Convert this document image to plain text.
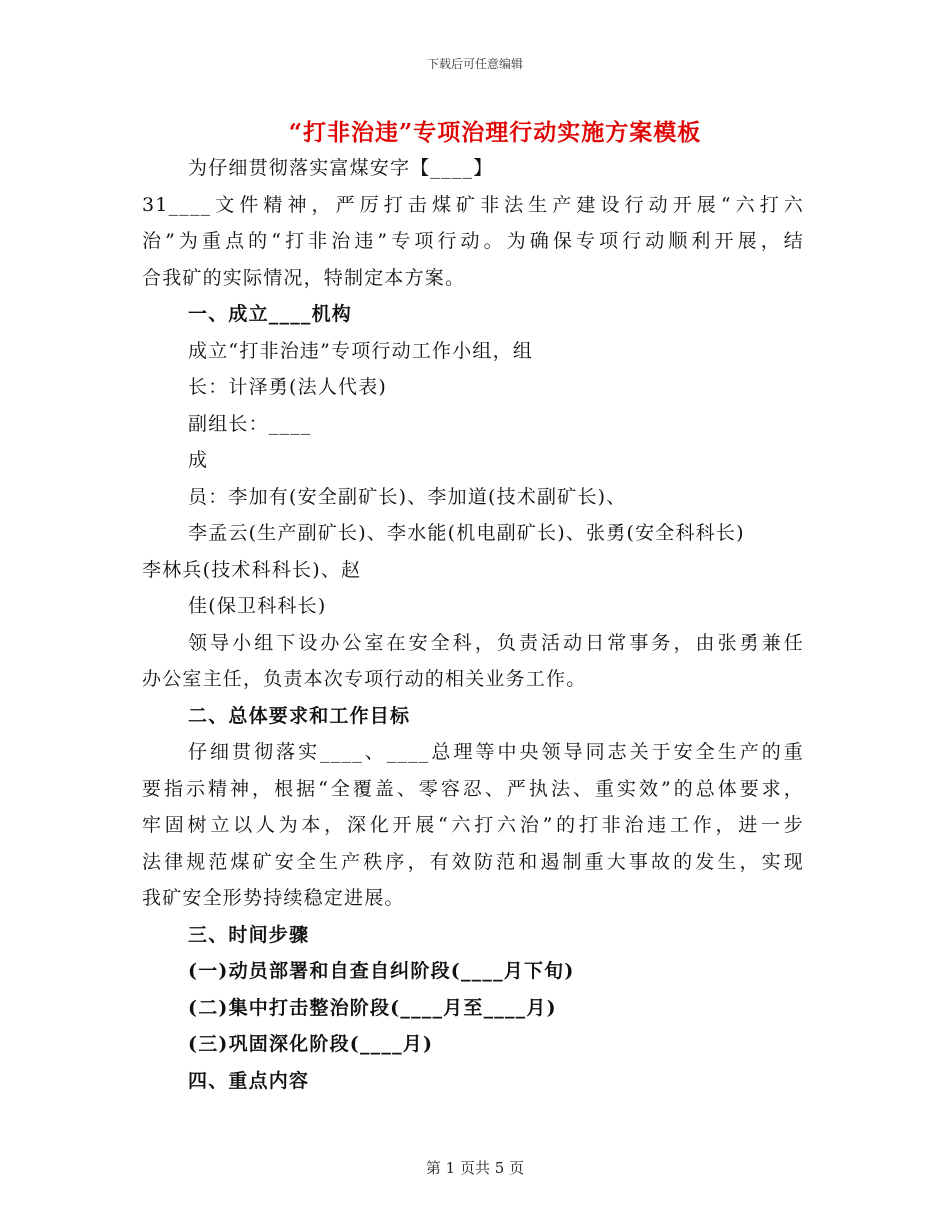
下载后可任意编辑
“打非治违”专项治理行动实施方案模板

为仔细贯彻落实富煤安字【____】

31____文件精神，严厉打击煤矿非法生产建设行动开展“六打六

治”为重点的“打非治违”专项行动。为确保专项行动顺利开展，结

合我矿的实际情况，特制定本方案。

一、成立____机构

成立“打非治违”专项行动工作小组，组

长：计泽勇(法人代表)

副组长：____

成

员：李加有(安全副矿长)、李加道(技术副矿长)、

李孟云(生产副矿长)、李水能(机电副矿长)、张勇(安全科科长)

李林兵(技术科科长)、赵

佳(保卫科科长)

领导小组下设办公室在安全科，负责活动日常事务，由张勇兼任

办公室主任，负责本次专项行动的相关业务工作。

二、总体要求和工作目标

仔细贯彻落实____、____总理等中央领导同志关于安全生产的重

要指示精神，根据“全覆盖、零容忍、严执法、重实效”的总体要求，

牢固树立以人为本，深化开展“六打六治”的打非治违工作，进一步

法律规范煤矿安全生产秩序，有效防范和遏制重大事故的发生，实现

我矿安全形势持续稳定进展。

三、时间步骤

(一)动员部署和自查自纠阶段(____月下旬)

(二)集中打击整治阶段(____月至____月)

(三)巩固深化阶段(____月)

四、重点内容

第 1 页共 5 页
